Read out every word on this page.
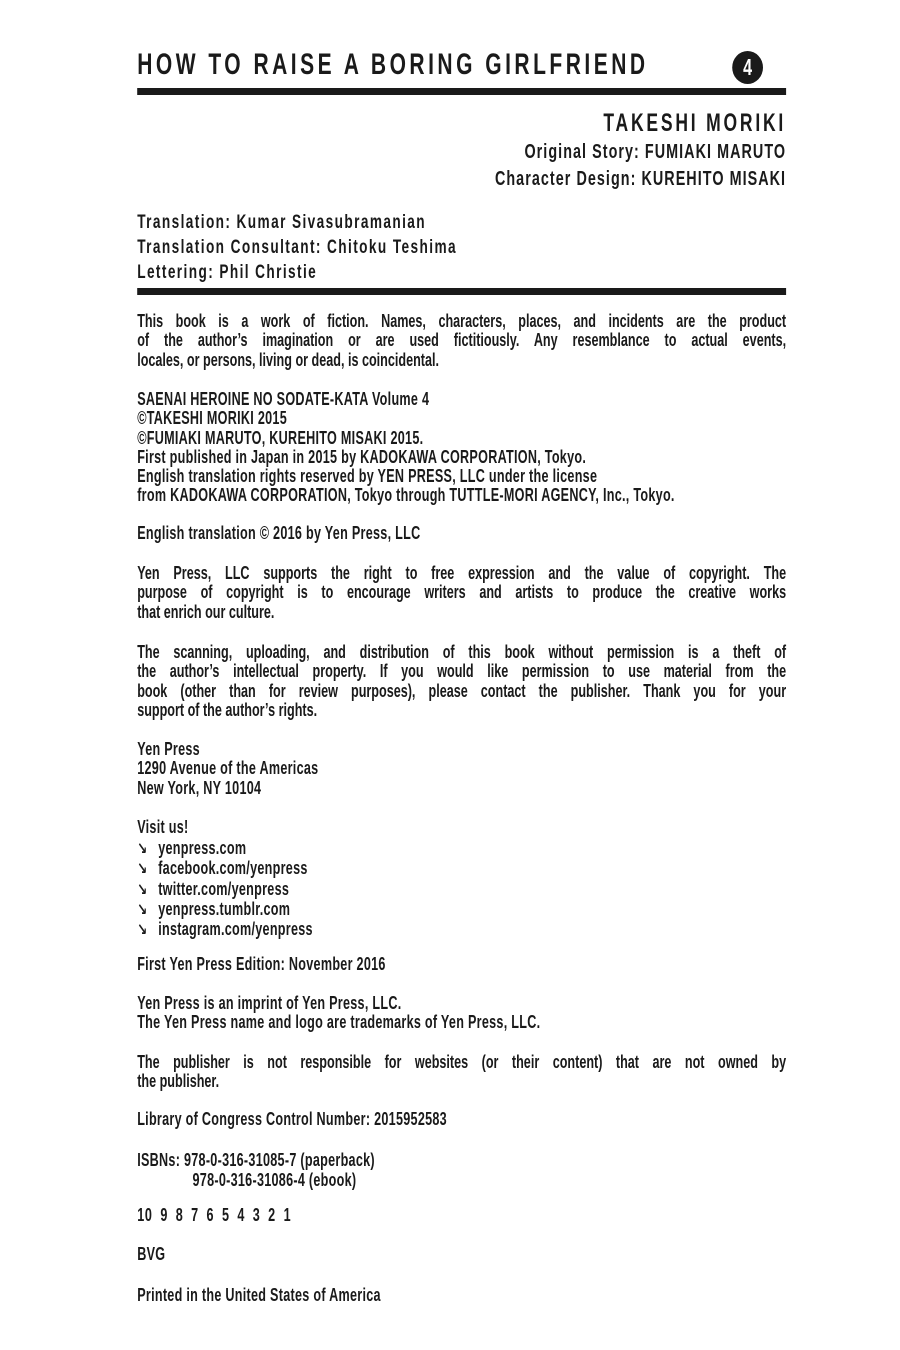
HOW TO RAISE A BORING GIRLFRIEND	4
TAKESHI MORIKI
Original Story: FUMIAKI MARUTO
Character Design: KUREHITO MISAKI
Translation: Kumar Sivasubramanian
Translation Consultant: Chitoku Teshima
Lettering: Phil Christie
This book is a work of fiction. Names, characters, places, and incidents are the product
of the author’s imagination or are used fictitiously. Any resemblance to actual events,
locales, or persons, living or dead, is coincidental.
SAENAI HEROINE NO SODATE-KATA Volume 4
©TAKESHI MORIKI 2015
©FUMIAKI MARUTO, KUREHITO MISAKI 2015.
First published in Japan in 2015 by KADOKAWA CORPORATION, Tokyo.
English translation rights reserved by YEN PRESS, LLC under the license
from KADOKAWA CORPORATION, Tokyo through TUTTLE-MORI AGENCY, Inc., Tokyo.
English translation © 2016 by Yen Press, LLC
Yen Press, LLC supports the right to free expression and the value of copyright. The
purpose of copyright is to encourage writers and artists to produce the creative works
that enrich our culture.
The scanning, uploading, and distribution of this book without permission is a theft of
the author’s intellectual property. If you would like permission to use material from the
book (other than for review purposes), please contact the publisher. Thank you for your
support of the author’s rights.
Yen Press
1290 Avenue of the Americas
New York, NY 10104
Visit us!
↘ yenpress.com
↘ facebook.com/yenpress
↘ twitter.com/yenpress
↘ yenpress.tumblr.com
↘ instagram.com/yenpress
First Yen Press Edition: November 2016
Yen Press is an imprint of Yen Press, LLC.
The Yen Press name and logo are trademarks of Yen Press, LLC.
The publisher is not responsible for websites (or their content) that are not owned by
the publisher.
Library of Congress Control Number: 2015952583
ISBNs: 978-0-316-31085-7 (paperback)
978-0-316-31086-4 (ebook)
10 9 8 7 6 5 4 3 2 1
BVG
Printed in the United States of America
